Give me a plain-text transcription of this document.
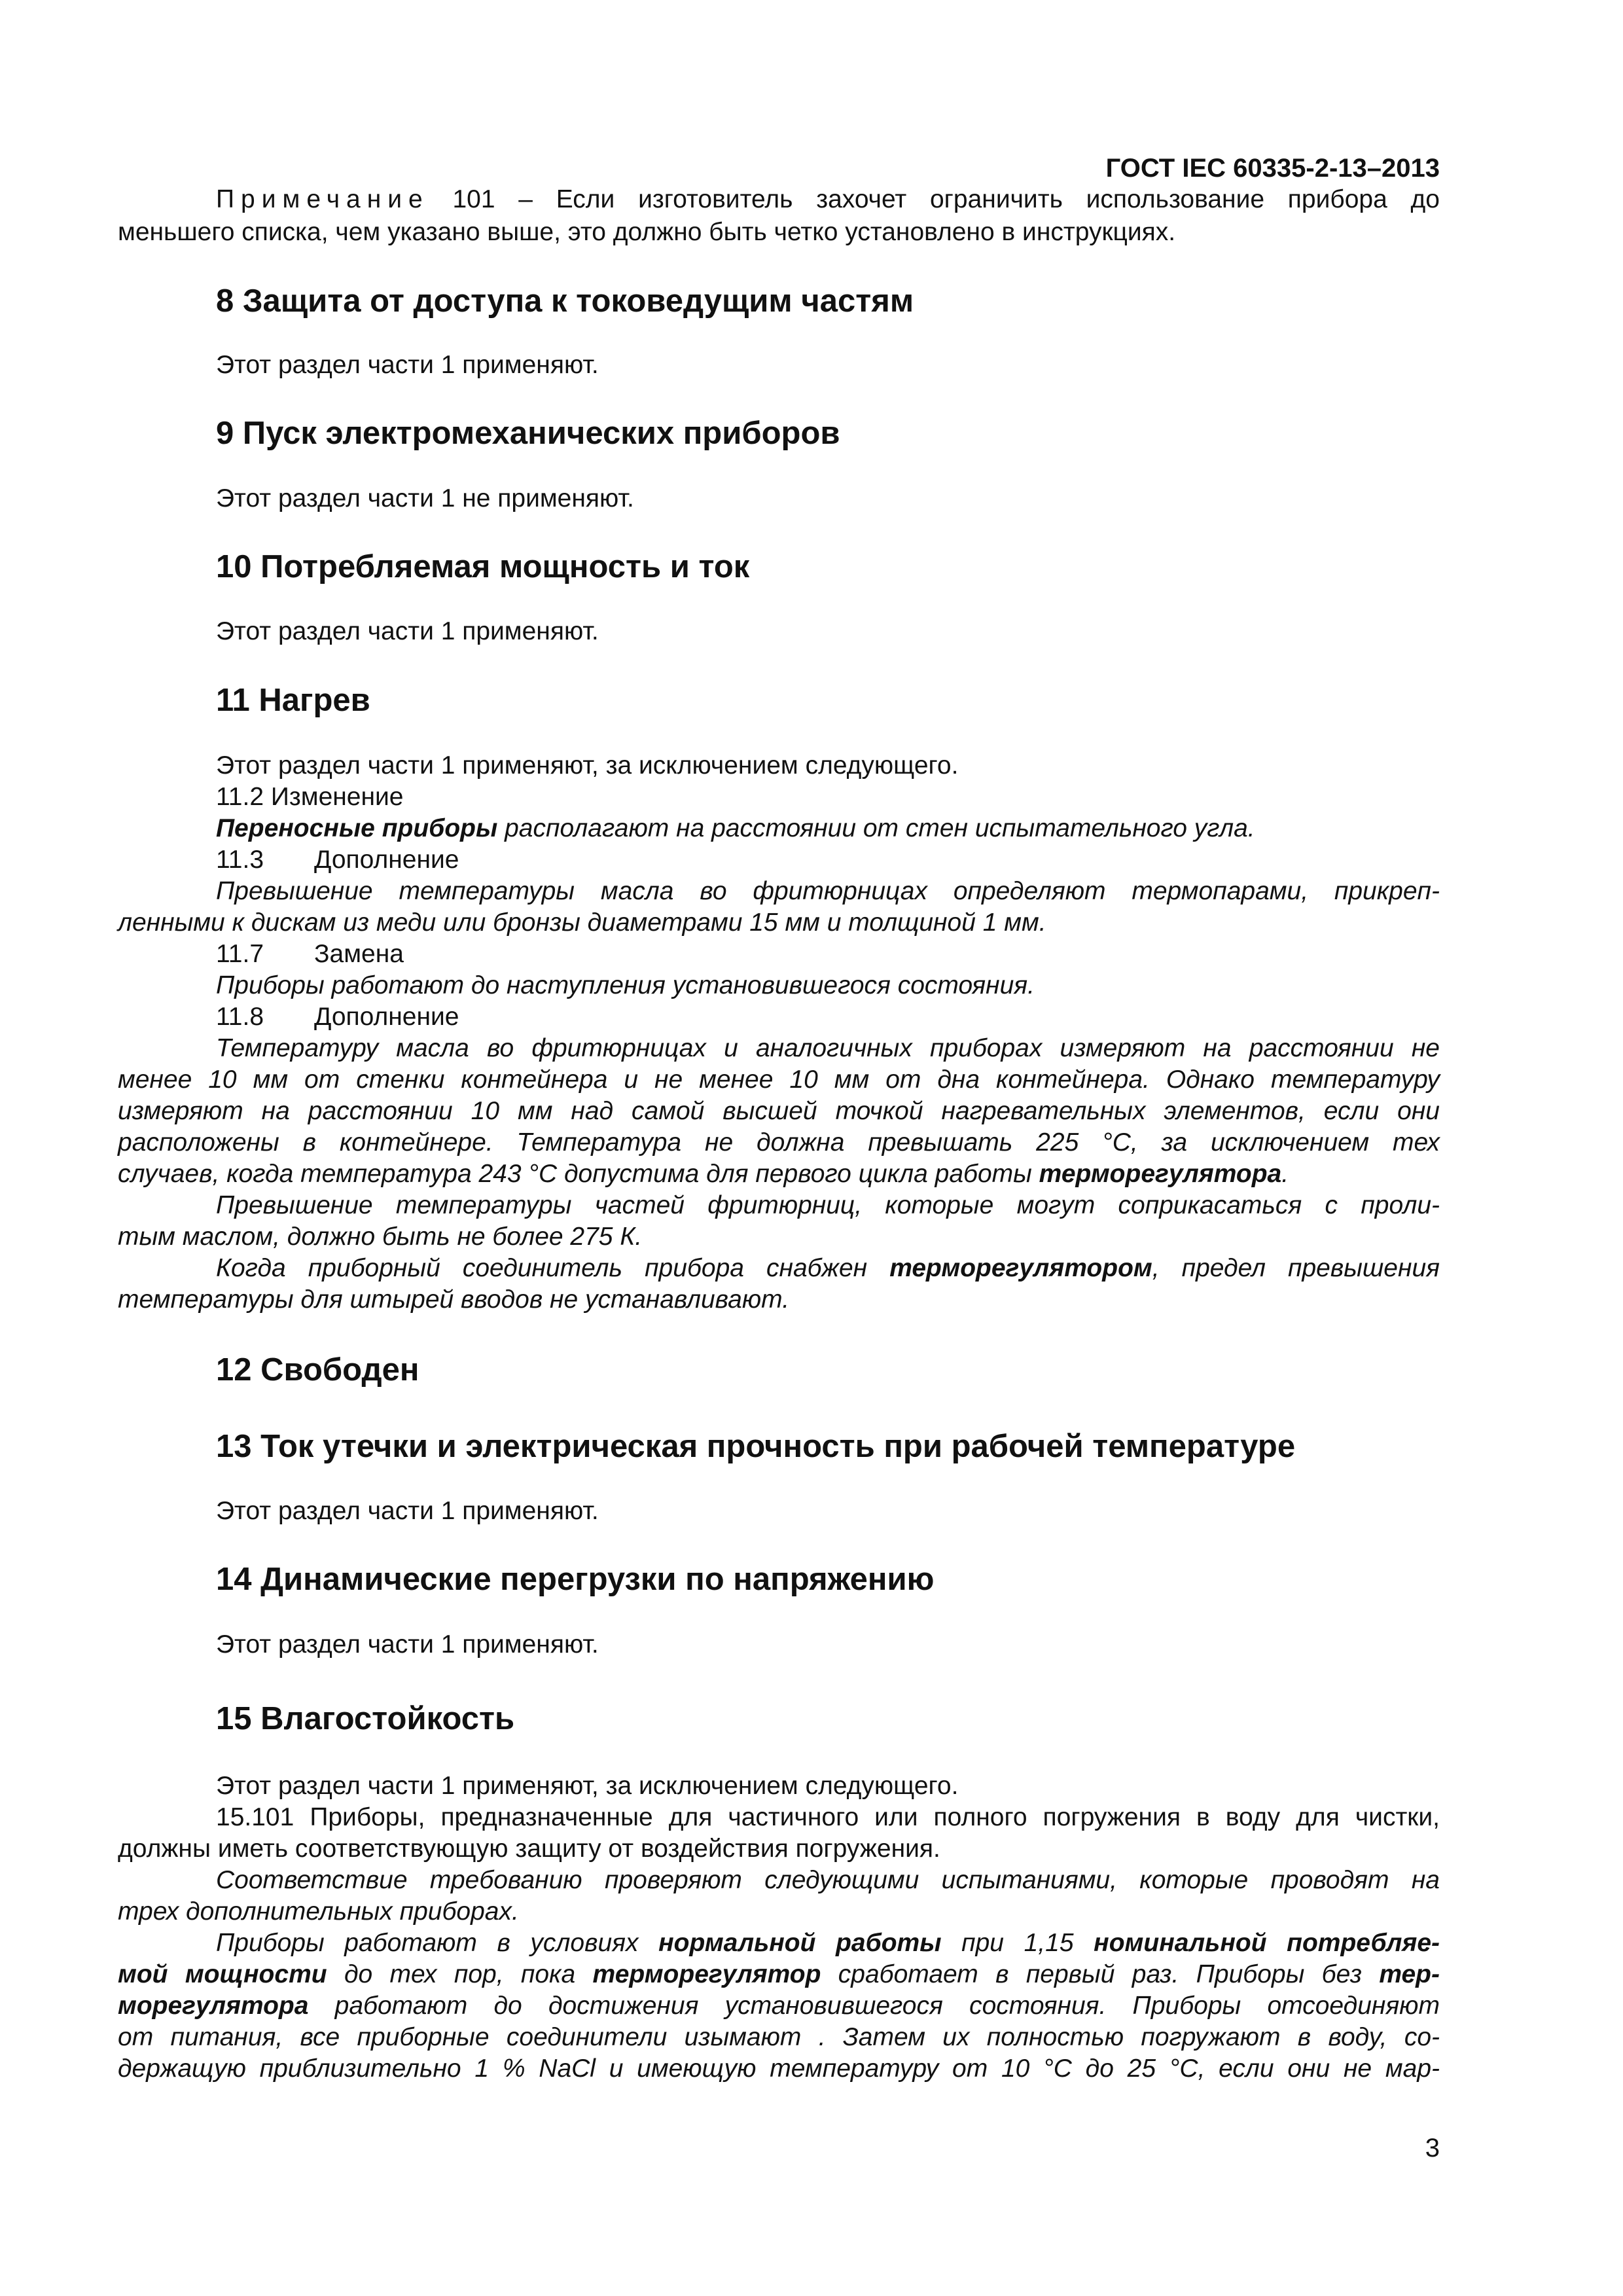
ГОСТ IEC 60335-2-13–2013
Примечание 101 – Если изготовитель захочет ограничить использование прибора до
меньшего списка, чем указано выше, это должно быть четко установлено в инструкциях.
8 Защита от доступа к токоведущим частям
Этот раздел части 1 применяют.
9 Пуск электромеханических приборов
Этот раздел части 1 не применяют.
10 Потребляемая мощность и ток
Этот раздел части 1 применяют.
11 Нагрев
Этот раздел части 1 применяют, за исключением следующего.
11.2 Изменение
Переносные приборы располагают на расстоянии от стен испытательного угла.
11.3 Дополнение
Превышение температуры масла во фритюрницах определяют термопарами, прикреп-
ленными к дискам из меди или бронзы диаметрами 15 мм и толщиной 1 мм.
11.7 Замена
Приборы работают до наступления установившегося состояния.
11.8 Дополнение
Температуру масла во фритюрницах и аналогичных приборах измеряют на расстоянии не
менее 10 мм от стенки контейнера и не менее 10 мм от дна контейнера. Однако температуру
измеряют на расстоянии 10 мм над самой высшей точкой нагревательных элементов, если они
расположены в контейнере. Температура не должна превышать 225 °С, за исключением тех
случаев, когда температура 243 °С допустима для первого цикла работы терморегулятора.
Превышение температуры частей фритюрниц, которые могут соприкасаться с проли-
тым маслом, должно быть не более 275 К.
Когда приборный соединитель прибора снабжен терморегулятором, предел превышения
температуры для штырей вводов не устанавливают.
12 Свободен
13 Ток утечки и электрическая прочность при рабочей температуре
Этот раздел части 1 применяют.
14 Динамические перегрузки по напряжению
Этот раздел части 1 применяют.
15 Влагостойкость
Этот раздел части 1 применяют, за исключением следующего.
15.101 Приборы, предназначенные для частичного или полного погружения в воду для чистки,
должны иметь соответствующую защиту от воздействия погружения.
Соответствие требованию проверяют следующими испытаниями, которые проводят на
трех дополнительных приборах.
Приборы работают в условиях нормальной работы при 1,15 номинальной потребляе-
мой мощности до тех пор, пока терморегулятор сработает в первый раз. Приборы без тер-
морегулятора работают до достижения установившегося состояния. Приборы отсоединяют
от питания, все приборные соединители изымают . Затем их полностью погружают в воду, со-
держащую приблизительно 1 % NaCl и имеющую температуру от 10 °С до 25 °С, если они не мар-
3
